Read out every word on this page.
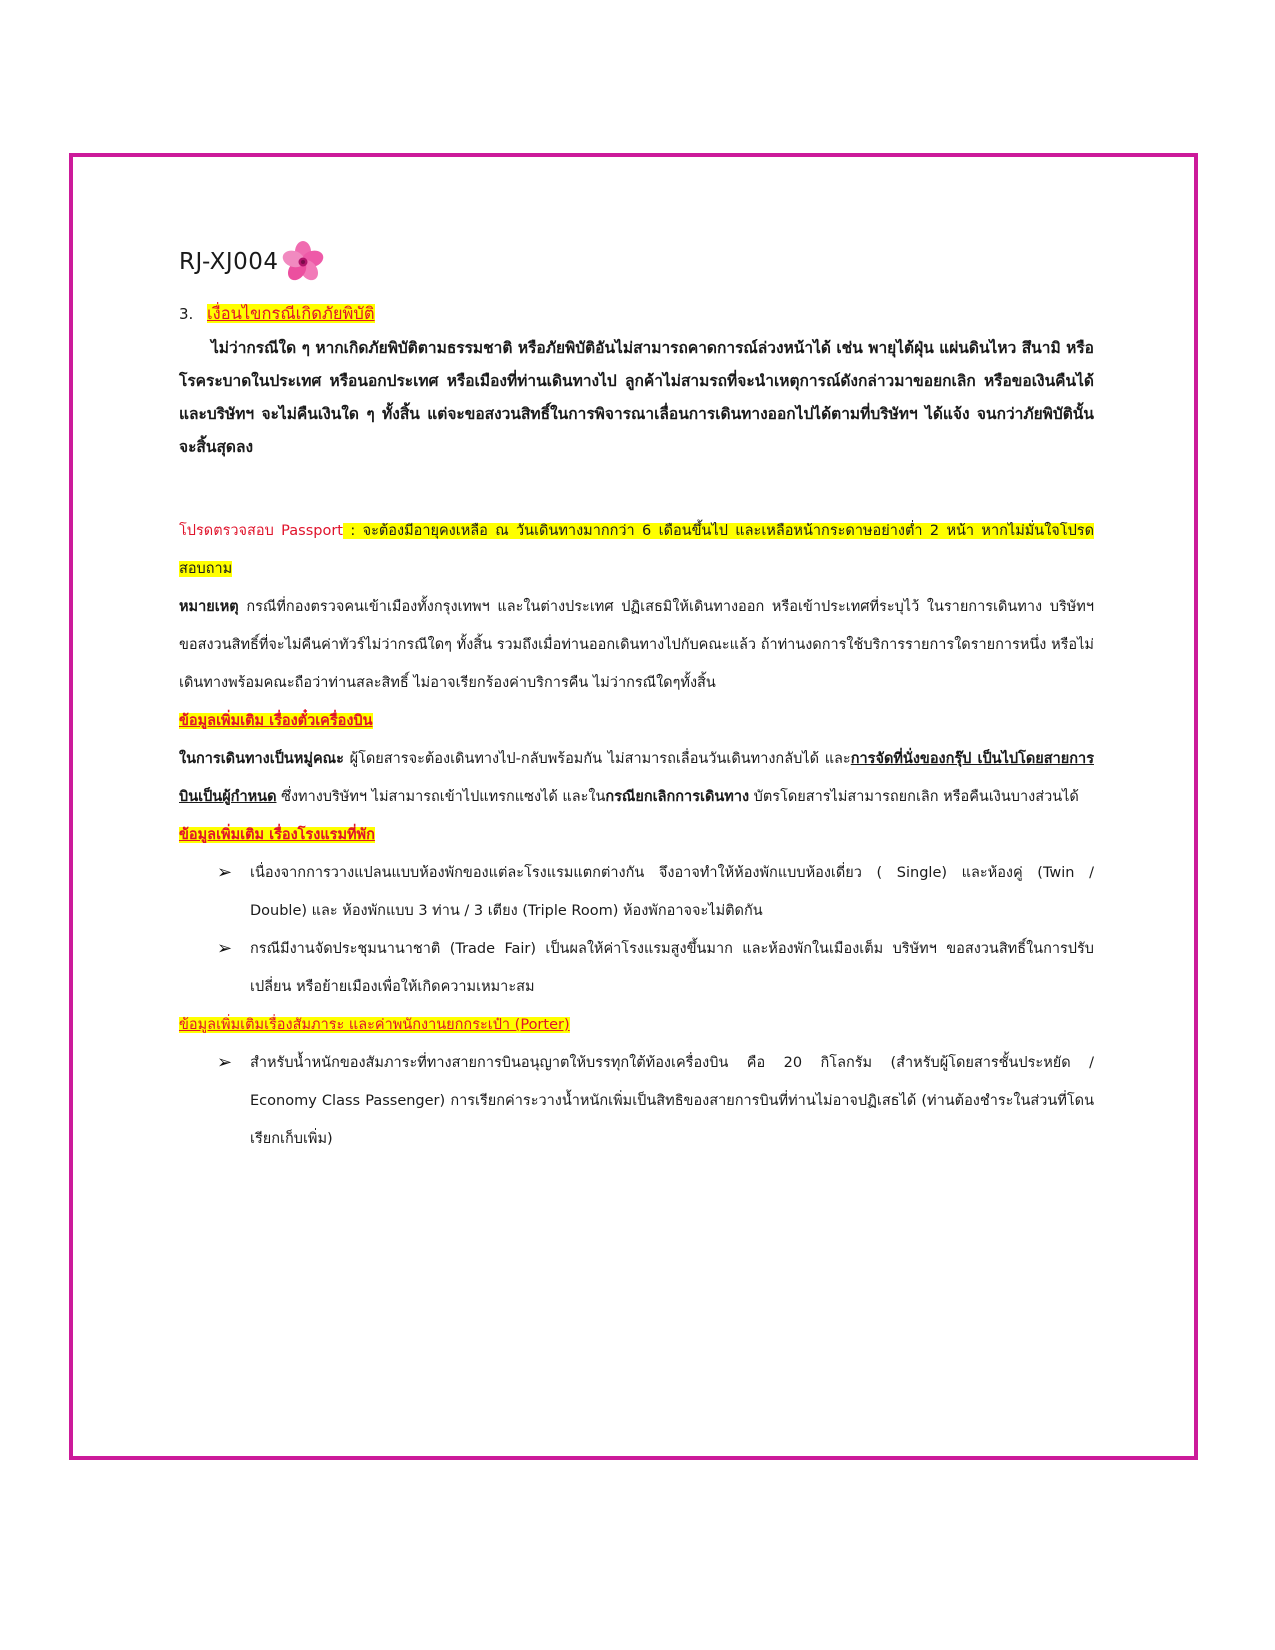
RJ-XJ004
3. เงื่อนไขกรณีเกิดภัยพิบัติ

ไม่ว่ากรณีใด ๆ หากเกิดภัยพิบัติตามธรรมชาติ หรือภัยพิบัติอันไม่สามารถคาดการณ์ล่วงหน้าได้ เช่น พายุไต้ฝุ่น แผ่นดินไหว สึนามิ หรือโรคระบาดในประเทศ หรือนอกประเทศ หรือเมืองที่ท่านเดินทางไป ลูกค้าไม่สามรถที่จะนำเหตุการณ์ดังกล่าวมาขอยกเลิก หรือขอเงินคืนได้ และบริษัทฯ จะไม่คืนเงินใด ๆ ทั้งสิ้น แต่จะขอสงวนสิทธิ์ในการพิจารณาเลื่อนการเดินทางออกไปได้ตามที่บริษัทฯ ได้แจ้ง จนกว่าภัยพิบัตินั้นจะสิ้นสุดลง

โปรดตรวจสอบ Passport : จะต้องมีอายุคงเหลือ ณ วันเดินทางมากกว่า 6 เดือนขึ้นไป และเหลือหน้ากระดาษอย่างต่ำ 2 หน้า หากไม่มั่นใจโปรดสอบถาม

หมายเหตุ กรณีที่กองตรวจคนเข้าเมืองทั้งกรุงเทพฯ และในต่างประเทศ ปฏิเสธมิให้เดินทางออก หรือเข้าประเทศที่ระบุไว้ ในรายการเดินทาง บริษัทฯขอสงวนสิทธิ์ที่จะไม่คืนค่าทัวร์ไม่ว่ากรณีใดๆ ทั้งสิ้น รวมถึงเมื่อท่านออกเดินทางไปกับคณะแล้ว ถ้าท่านงดการใช้บริการรายการใดรายการหนึ่ง หรือไม่เดินทางพร้อมคณะถือว่าท่านสละสิทธิ์ ไม่อาจเรียกร้องค่าบริการคืน ไม่ว่ากรณีใดๆทั้งสิ้น

ข้อมูลเพิ่มเติม เรื่องตั๋วเครื่องบิน

ในการเดินทางเป็นหมู่คณะ ผู้โดยสารจะต้องเดินทางไป-กลับพร้อมกัน ไม่สามารถเลื่อนวันเดินทางกลับได้ และการจัดที่นั่งของกรุ๊ป เป็นไปโดยสายการบินเป็นผู้กำหนด ซึ่งทางบริษัทฯ ไม่สามารถเข้าไปแทรกแซงได้ และในกรณียกเลิกการเดินทาง บัตรโดยสารไม่สามารถยกเลิก หรือคืนเงินบางส่วนได้

ข้อมูลเพิ่มเติม เรื่องโรงแรมที่พัก

➢ เนื่องจากการวางแปลนแบบห้องพักของแต่ละโรงแรมแตกต่างกัน จึงอาจทำให้ห้องพักแบบห้องเดี่ยว ( Single) และห้องคู่ (Twin / Double) และ ห้องพักแบบ 3 ท่าน / 3 เตียง (Triple Room) ห้องพักอาจจะไม่ติดกัน
➢ กรณีมีงานจัดประชุมนานาชาติ (Trade Fair) เป็นผลให้ค่าโรงแรมสูงขึ้นมาก และห้องพักในเมืองเต็ม บริษัทฯ ขอสงวนสิทธิ์ในการปรับเปลี่ยน หรือย้ายเมืองเพื่อให้เกิดความเหมาะสม

ข้อมูลเพิ่มเติมเรื่องสัมภาระ และค่าพนักงานยกกระเป๋า (Porter)

➢ สำหรับน้ำหนักของสัมภาระที่ทางสายการบินอนุญาตให้บรรทุกใต้ท้องเครื่องบิน คือ 20 กิโลกรัม (สำหรับผู้โดยสารชั้นประหยัด / Economy Class Passenger) การเรียกค่าระวางน้ำหนักเพิ่มเป็นสิทธิของสายการบินที่ท่านไม่อาจปฏิเสธได้ (ท่านต้องชำระในส่วนที่โดนเรียกเก็บเพิ่ม)
